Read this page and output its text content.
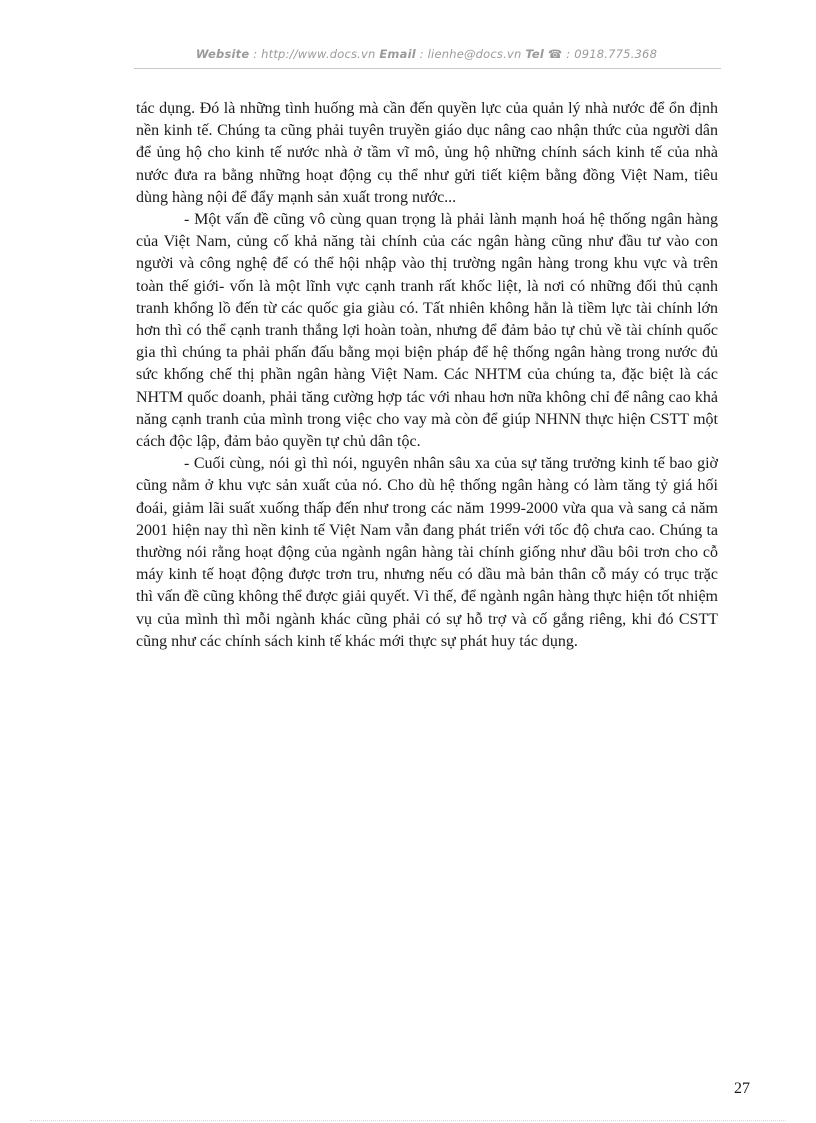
Website : http://www.docs.vn Email : lienhe@docs.vn Tel ☎ : 0918.775.368

tác dụng. Đó là những tình huống mà cần đến quyền lực của quản lý nhà nước để ổn định nền kinh tế. Chúng ta cũng phải tuyên truyền giáo dục nâng cao nhận thức của người dân để ủng hộ cho kinh tế nước nhà ở tầm vĩ mô, ủng hộ những chính sách kinh tế của nhà nước đưa ra bằng những hoạt động cụ thể như gửi tiết kiệm bằng đồng Việt Nam, tiêu dùng hàng nội để đẩy mạnh sản xuất trong nước...

- Một vấn đề cũng vô cùng quan trọng là phải lành mạnh hoá hệ thống ngân hàng của Việt Nam, củng cố khả năng tài chính của các ngân hàng cũng như đầu tư vào con người và công nghệ để có thể hội nhập vào thị trường ngân hàng trong khu vực và trên toàn thế giới- vốn là một lĩnh vực cạnh tranh rất khốc liệt, là nơi có những đối thủ cạnh tranh khổng lồ đến từ các quốc gia giàu có. Tất nhiên không hẳn là tiềm lực tài chính lớn hơn thì có thể cạnh tranh thắng lợi hoàn toàn, nhưng để đảm bảo tự chủ về tài chính quốc gia thì chúng ta phải phấn đấu bằng mọi biện pháp để hệ thống ngân hàng trong nước đủ sức khống chế thị phần ngân hàng Việt Nam. Các NHTM của chúng ta, đặc biệt là các NHTM quốc doanh, phải tăng cường hợp tác với nhau hơn nữa không chỉ để nâng cao khả năng cạnh tranh của mình trong việc cho vay mà còn để giúp NHNN thực hiện CSTT một cách độc lập, đảm bảo quyền tự chủ dân tộc.

- Cuối cùng, nói gì thì nói, nguyên nhân sâu xa của sự tăng trưởng kinh tế bao giờ cũng nằm ở khu vực sản xuất của nó. Cho dù hệ thống ngân hàng có làm tăng tỷ giá hối đoái, giảm lãi suất xuống thấp đến như trong các năm 1999-2000 vừa qua và sang cả năm 2001 hiện nay thì nền kinh tế Việt Nam vẫn đang phát triển với tốc độ chưa cao. Chúng ta thường nói rằng hoạt động của ngành ngân hàng tài chính giống như dầu bôi trơn cho cỗ máy kinh tế hoạt động được trơn tru, nhưng nếu có dầu mà bản thân cỗ máy có trục trặc thì vấn đề cũng không thể được giải quyết. Vì thế, để ngành ngân hàng thực hiện tốt nhiệm vụ của mình thì mỗi ngành khác cũng phải có sự hỗ trợ và cố gắng riêng, khi đó CSTT cũng như các chính sách kinh tế khác mới thực sự phát huy tác dụng.

27
